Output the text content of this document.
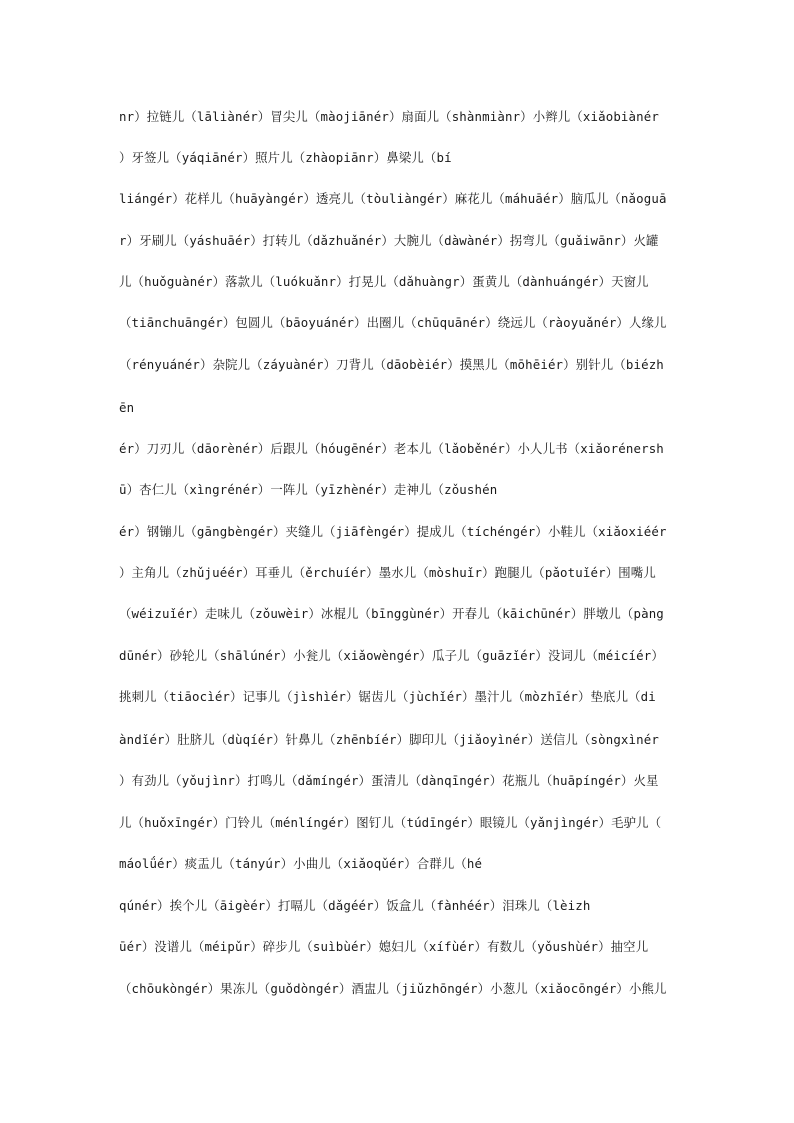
nr）拉链儿（lāliànér）冒尖儿（màojiānér）扇面儿（shànmiànr）小辫儿（xiǎobiànér
）牙签儿（yáqiānér）照片儿（zhàopiānr）鼻梁儿（bí
liángér）花样儿（huāyàngér）透亮儿（tòuliàngér）麻花儿（máhuāér）脑瓜儿（nǎoguā
r）牙刷儿（yáshuāér）打转儿（dǎzhuǎnér）大腕儿（dàwànér）拐弯儿（guǎiwānr）火罐
儿（huǒguànér）落款儿（luókuǎnr）打晃儿（dǎhuàngr）蛋黄儿（dànhuángér）天窗儿
（tiānchuāngér）包圆儿（bāoyuánér）出圈儿（chūquānér）绕远儿（ràoyuǎnér）人缘儿
（rényuánér）杂院儿（záyuànér）刀背儿（dāobèiér）摸黑儿（mōhēiér）别针儿（biézh
ēn
ér）刀刃儿（dāorènér）后跟儿（hóugēnér）老本儿（lǎoběnér）小人儿书（xiǎorénersh
ū）杏仁儿（xìngrénér）一阵儿（yīzhènér）走神儿（zǒushén
ér）钢镚儿（gāngbèngér）夹缝儿（jiāfèngér）提成儿（tíchéngér）小鞋儿（xiǎoxiéér
）主角儿（zhǔjuéér）耳垂儿（ěrchuíér）墨水儿（mòshuǐr）跑腿儿（pǎotuǐér）围嘴儿
（wéizuǐér）走味儿（zǒuwèir）冰棍儿（bīnggùnér）开春儿（kāichūnér）胖墩儿（pàng
dūnér）砂轮儿（shālúnér）小瓮儿（xiǎowèngér）瓜子儿（guāzǐér）没词儿（méicíér）
挑刺儿（tiāocìér）记事儿（jìshìér）锯齿儿（jùchǐér）墨汁儿（mòzhīér）垫底儿（di
àndǐér）肚脐儿（dùqíér）针鼻儿（zhēnbíér）脚印儿（jiǎoyìnér）送信儿（sòngxìnér
）有劲儿（yǒujìnr）打鸣儿（dǎmíngér）蛋清儿（dànqīngér）花瓶儿（huāpíngér）火星
儿（huǒxīngér）门铃儿（ménlíngér）图钉儿（túdīngér）眼镜儿（yǎnjìngér）毛驴儿（
máolǘér）痰盂儿（tányúr）小曲儿（xiǎoqǔér）合群儿（hé
qúnér）挨个儿（āigèér）打嗝儿（dǎgéér）饭盒儿（fànhéér）泪珠儿（lèizh
ūér）没谱儿（méipǔr）碎步儿（suìbùér）媳妇儿（xífùér）有数儿（yǒushùér）抽空儿
（chōukòngér）果冻儿（guǒdòngér）酒盅儿（jiǔzhōngér）小葱儿（xiǎocōngér）小熊儿
